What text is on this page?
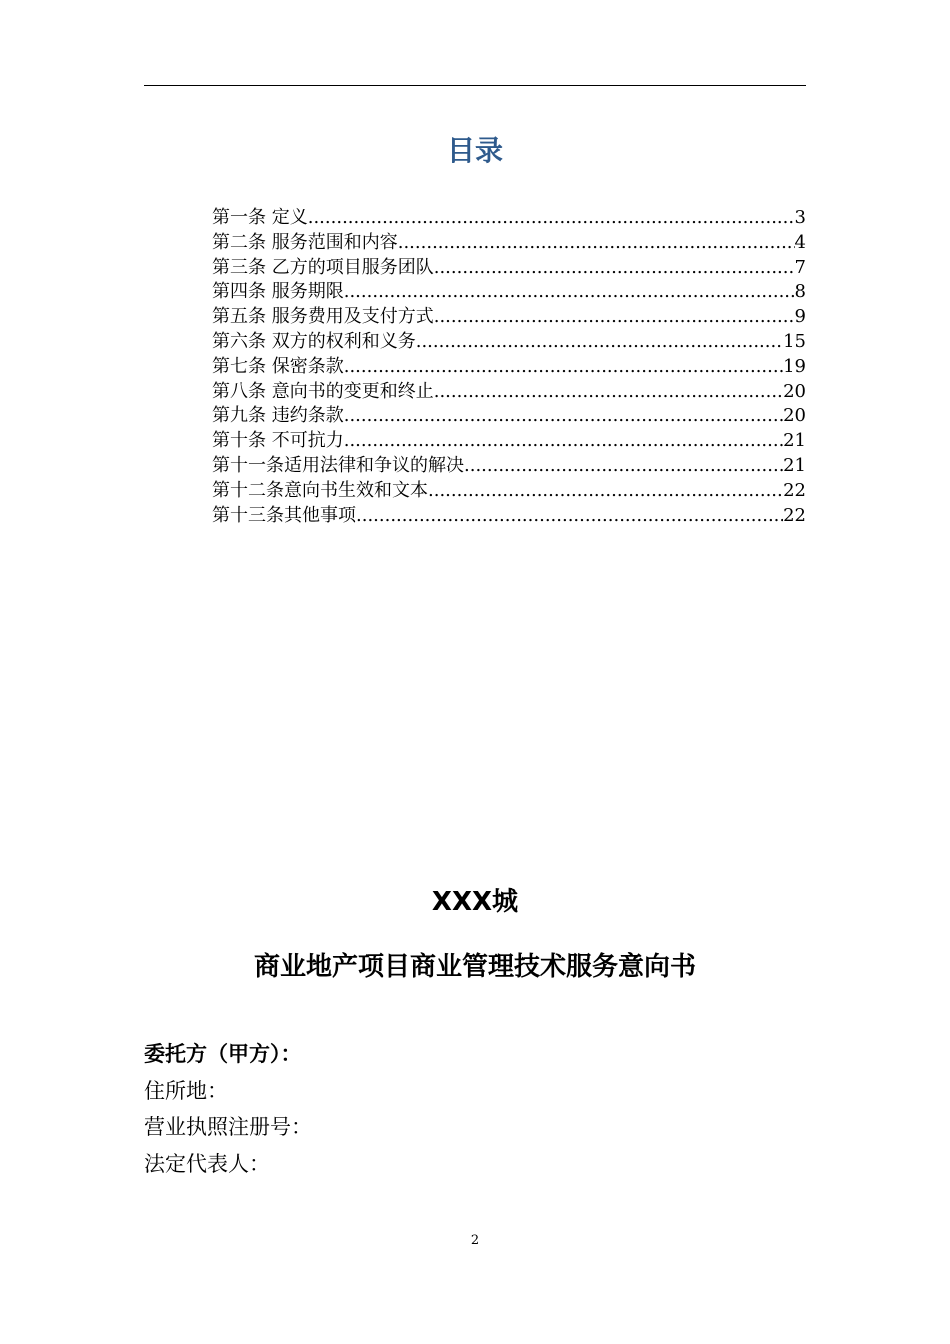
目录
第一条 定义 .....	3
第二条 服务范围和内容 .....	4
第三条 乙方的项目服务团队 .....	7
第四条 服务期限 .....	8
第五条 服务费用及支付方式 .....	9
第六条 双方的权利和义务 .....	15
第七条 保密条款 .....	19
第八条 意向书的变更和终止 .....	20
第九条 违约条款 .....	20
第十条 不可抗力 .....	21
第十一条适用法律和争议的解决 .....	21
第十二条意向书生效和文本 .....	22
第十三条其他事项 .....	22
XXX城
商业地产项目商业管理技术服务意向书
委托方（甲方）：
住所地：
营业执照注册号：
法定代表人：
2
